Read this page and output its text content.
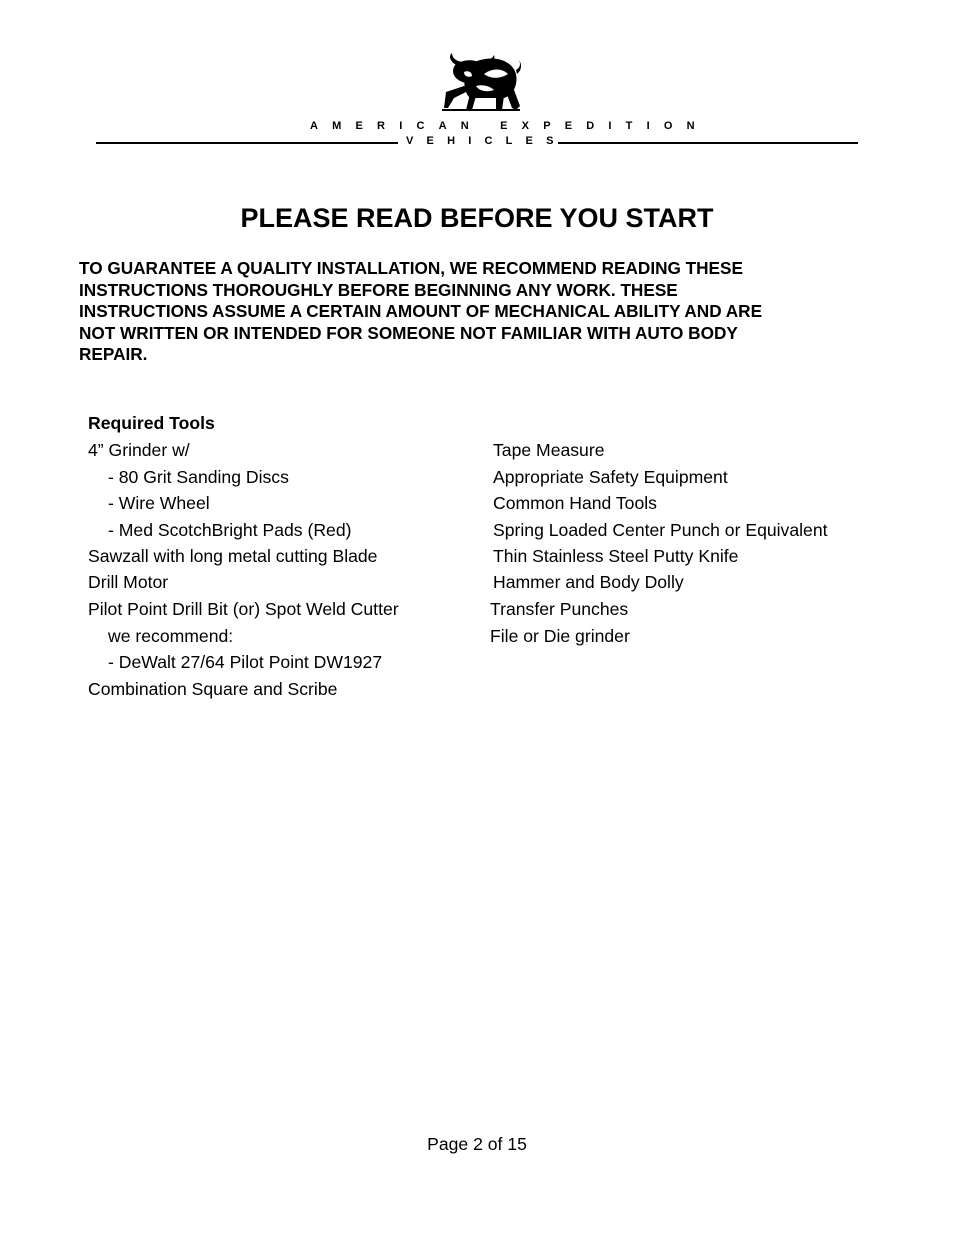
AMERICAN EXPEDITION
VEHICLES
PLEASE READ BEFORE YOU START
TO GUARANTEE A QUALITY INSTALLATION, WE RECOMMEND READING THESE
INSTRUCTIONS THOROUGHLY BEFORE BEGINNING ANY WORK. THESE
INSTRUCTIONS ASSUME A CERTAIN AMOUNT OF MECHANICAL ABILITY AND ARE
NOT WRITTEN OR INTENDED FOR SOMEONE NOT FAMILIAR WITH AUTO BODY
REPAIR.
Required Tools
4” Grinder w/
- 80 Grit Sanding Discs
- Wire Wheel
- Med ScotchBright Pads (Red)
Sawzall with long metal cutting Blade
Drill Motor
Pilot Point Drill Bit (or) Spot Weld Cutter
we recommend:
- DeWalt 27/64 Pilot Point DW1927
Combination Square and Scribe
Tape Measure
Appropriate Safety Equipment
Common Hand Tools
Spring Loaded Center Punch or Equivalent
Thin Stainless Steel Putty Knife
Hammer and Body Dolly
Transfer Punches
File or Die grinder
Page 2 of 15
